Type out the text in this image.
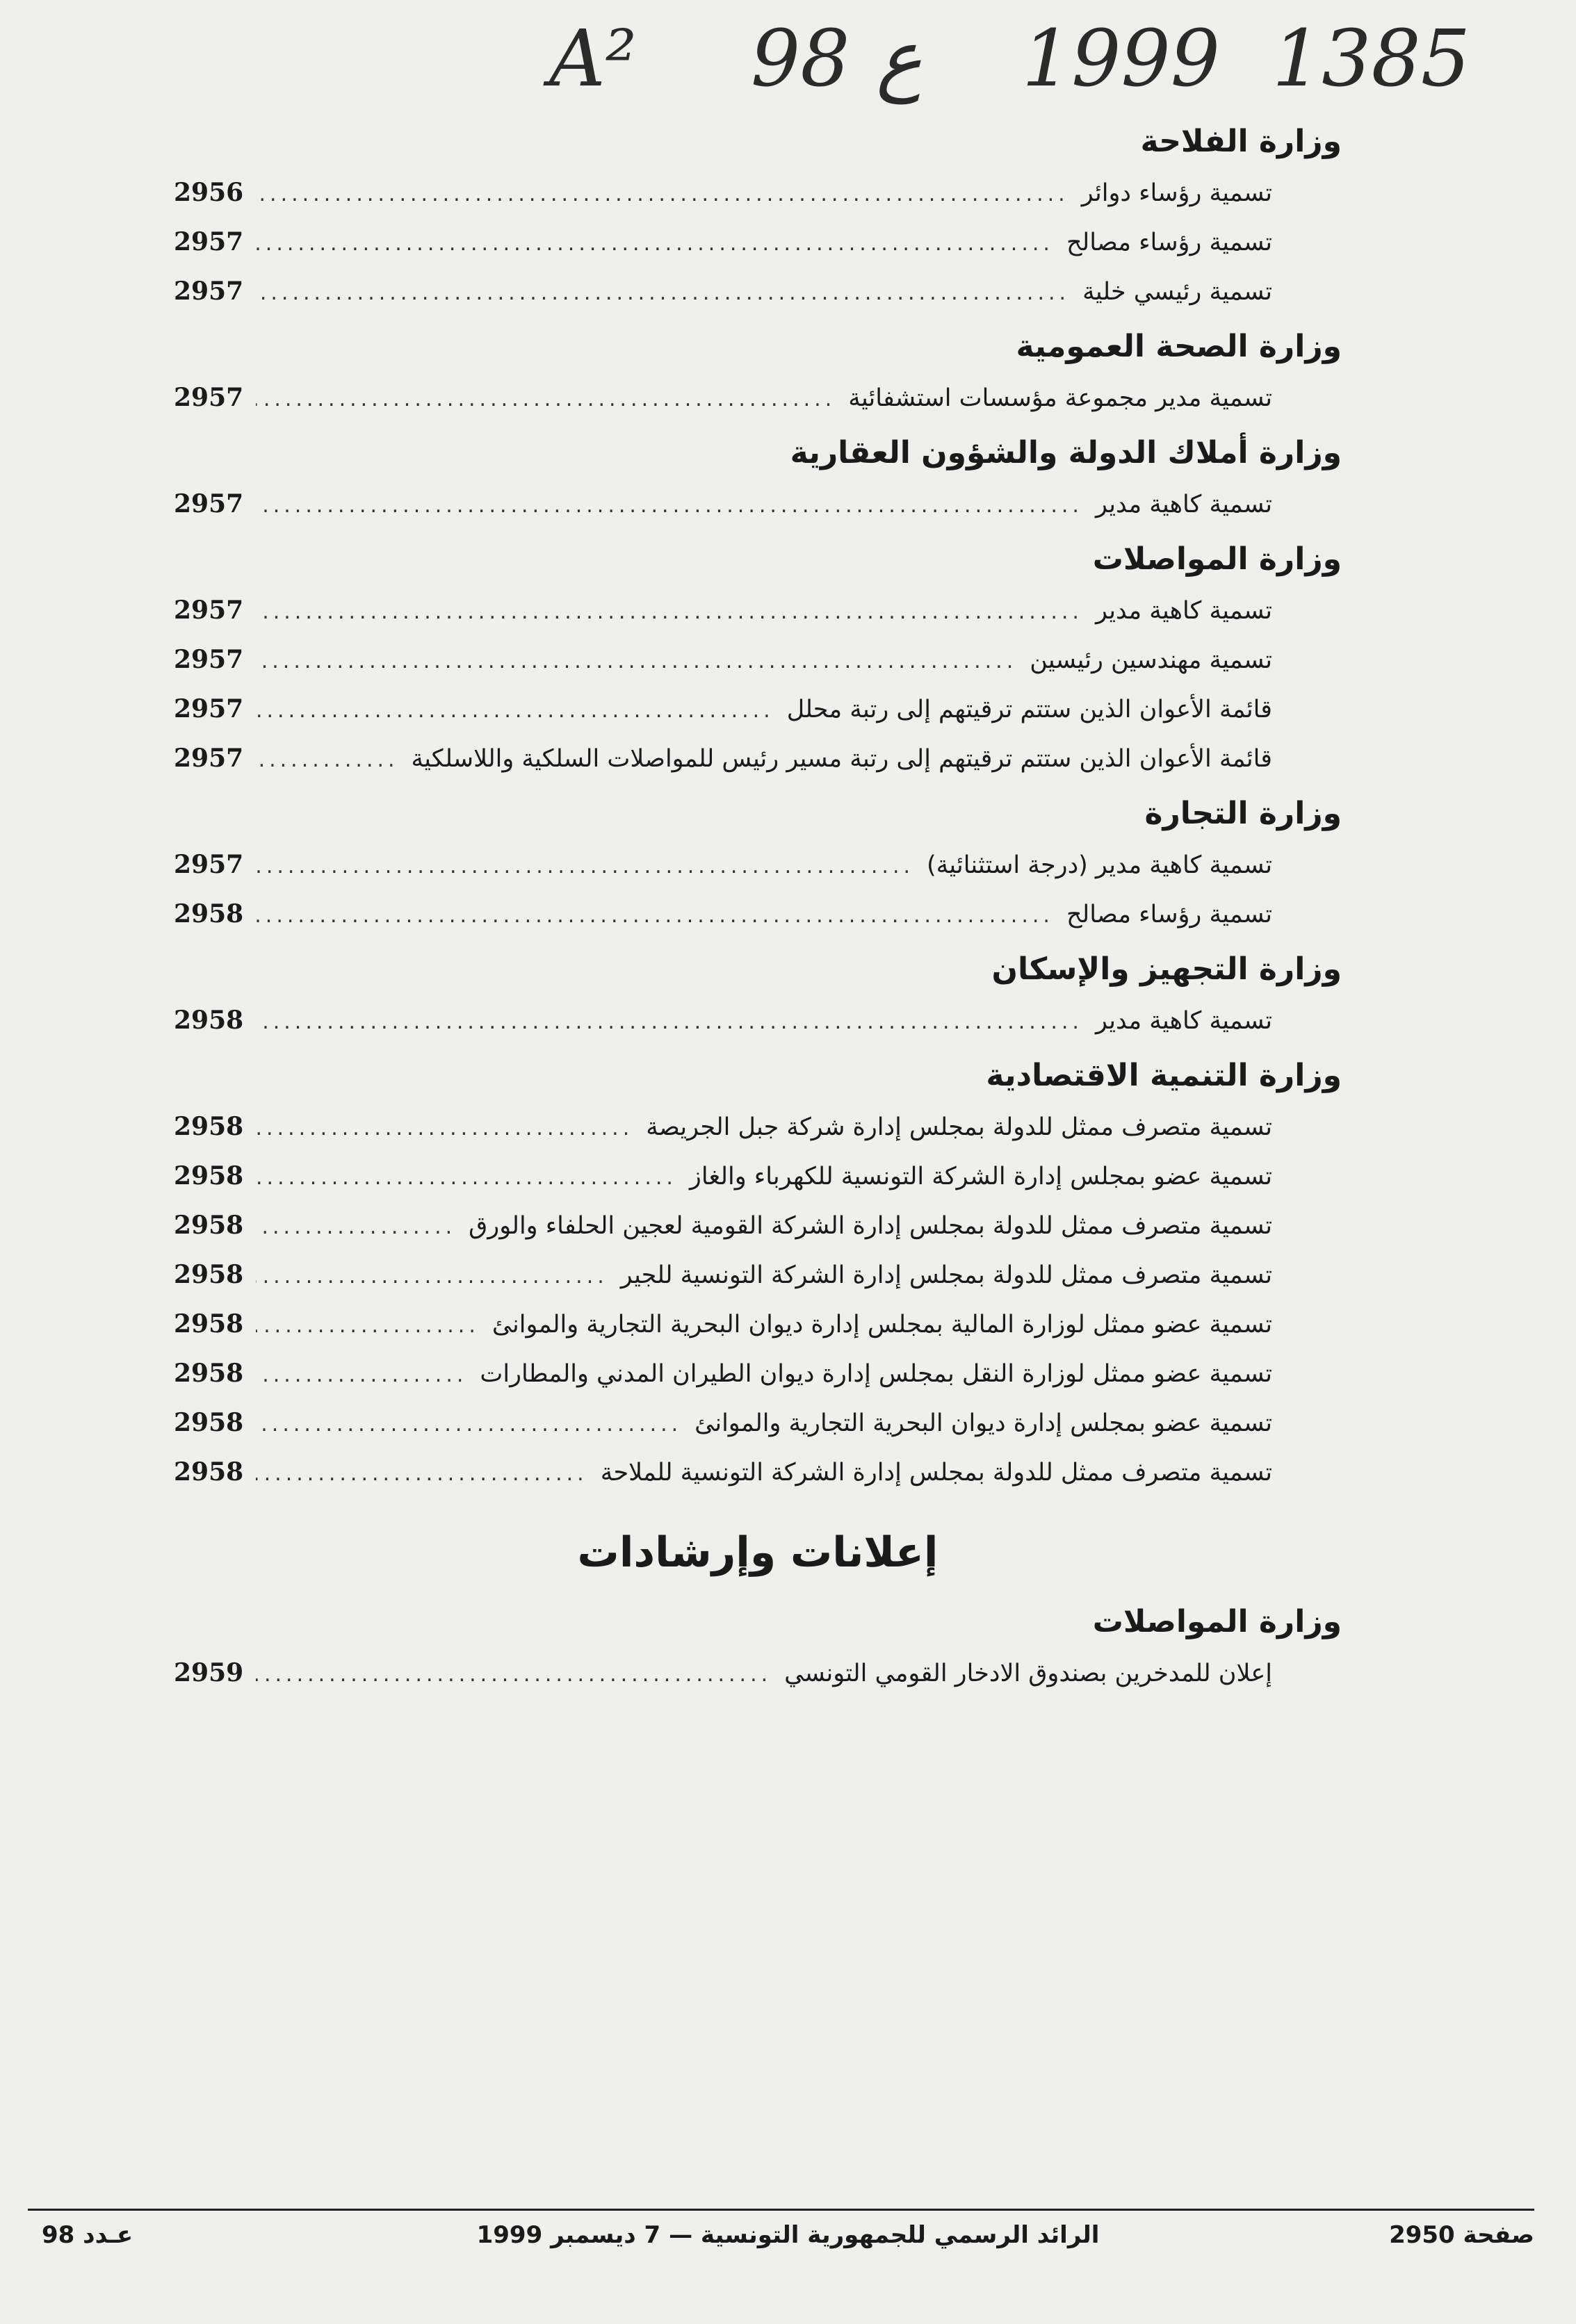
A² 98 ع 1999 1385
وزارة الفلاحة
تسمية رؤساء دوائر
.....
2956
تسمية رؤساء مصالح
.....
2957
تسمية رئيسي خلية
.....
2957
وزارة الصحة العمومية
تسمية مدير مجموعة مؤسسات استشفائية
.....
2957
وزارة أملاك الدولة والشؤون العقارية
تسمية كاهية مدير
.....
2957
وزارة المواصلات
تسمية كاهية مدير
.....
2957
تسمية مهندسين رئيسين
.....
2957
قائمة الأعوان الذين ستتم ترقيتهم إلى رتبة محلل
.....
2957
قائمة الأعوان الذين ستتم ترقيتهم إلى رتبة مسير رئيس للمواصلات السلكية واللاسلكية
.....
2957
وزارة التجارة
تسمية كاهية مدير (درجة استثنائية)
.....
2957
تسمية رؤساء مصالح
.....
2958
وزارة التجهيز والإسكان
تسمية كاهية مدير
.....
2958
وزارة التنمية الاقتصادية
تسمية متصرف ممثل للدولة بمجلس إدارة شركة جبل الجريصة
.....
2958
تسمية عضو بمجلس إدارة الشركة التونسية للكهرباء والغاز
.....
2958
تسمية متصرف ممثل للدولة بمجلس إدارة الشركة القومية لعجين الحلفاء والورق
.....
2958
تسمية متصرف ممثل للدولة بمجلس إدارة الشركة التونسية للجير
.....
2958
تسمية عضو ممثل لوزارة المالية بمجلس إدارة ديوان البحرية التجارية والموانئ
.....
2958
تسمية عضو ممثل لوزارة النقل بمجلس إدارة ديوان الطيران المدني والمطارات
.....
2958
تسمية عضو بمجلس إدارة ديوان البحرية التجارية والموانئ
.....
2958
تسمية متصرف ممثل للدولة بمجلس إدارة الشركة التونسية للملاحة
.....
2958
إعلانات وإرشادات
وزارة المواصلات
إعلان للمدخرين بصندوق الادخار القومي التونسي
.....
2959
صفحة 2950
الرائد الرسمي للجمهورية التونسية — 7 ديسمبر 1999
عـدد 98
